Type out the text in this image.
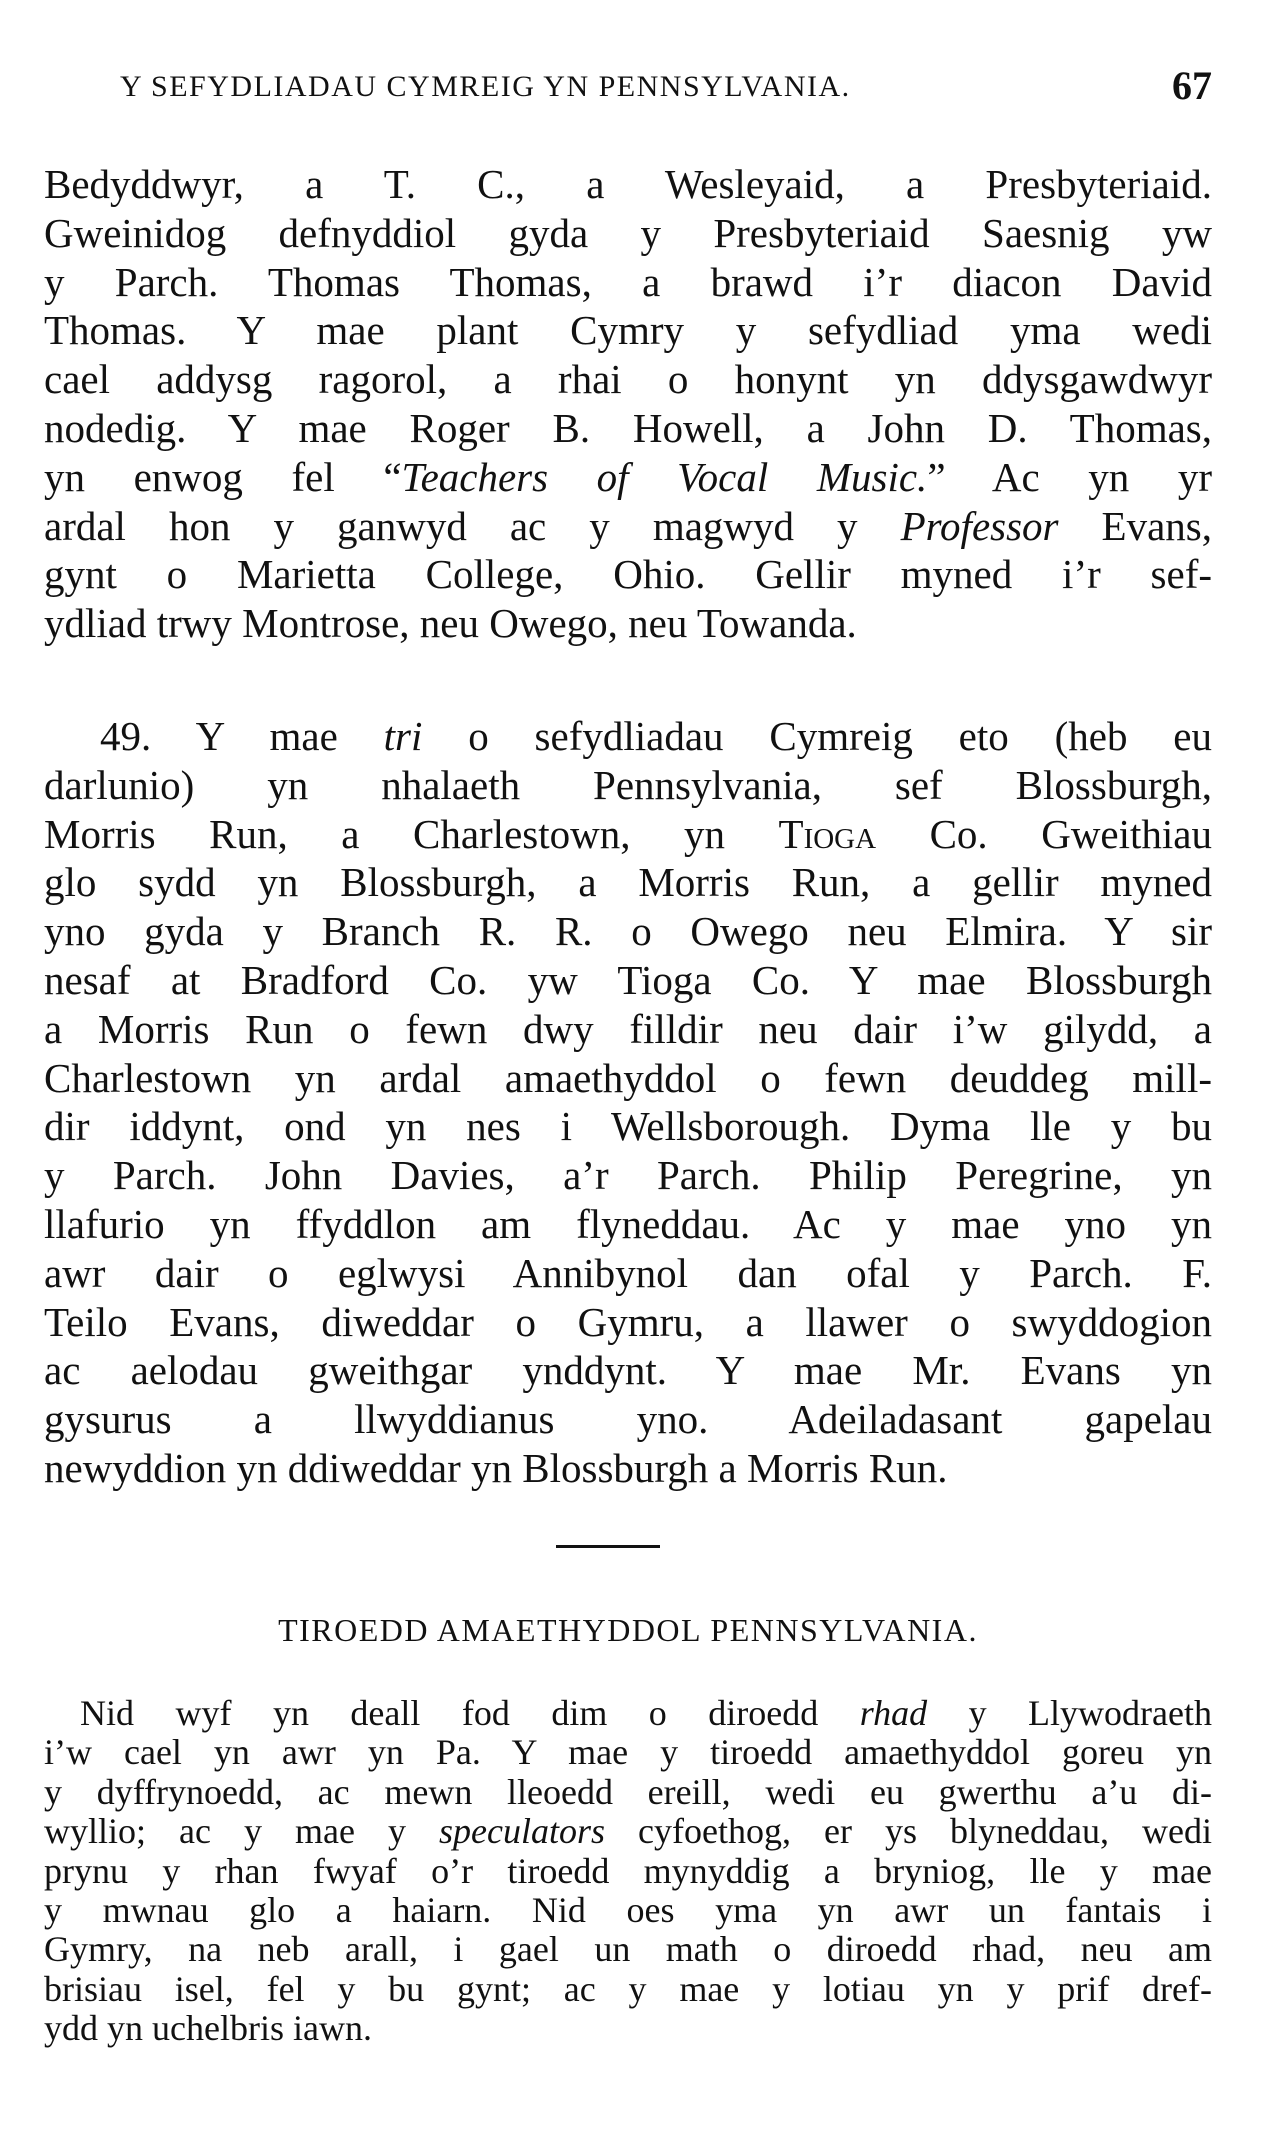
Y SEFYDLIADAU CYMREIG YN PENNSYLVANIA.	67
Bedyddwyr, a T. C., a Wesleyaid, a Presbyteriaid.
Gweinidog defnyddiol gyda y Presbyteriaid Saesnig yw
y Parch. Thomas Thomas, a brawd i’r diacon David
Thomas. Y mae plant Cymry y sefydliad yma wedi
cael addysg ragorol, a rhai o honynt yn ddysgawdwyr
nodedig. Y mae Roger B. Howell, a John D. Thomas,
yn enwog fel “Teachers of Vocal Music.” Ac yn yr
ardal hon y ganwyd ac y magwyd y Professor Evans,
gynt o Marietta College, Ohio. Gellir myned i’r sef-
ydliad trwy Montrose, neu Owego, neu Towanda.
49. Y mae tri o sefydliadau Cymreig eto (heb eu
darlunio) yn nhalaeth Pennsylvania, sef Blossburgh,
Morris Run, a Charlestown, yn Tioga Co. Gweithiau
glo sydd yn Blossburgh, a Morris Run, a gellir myned
yno gyda y Branch R. R. o Owego neu Elmira. Y sir
nesaf at Bradford Co. yw Tioga Co. Y mae Blossburgh
a Morris Run o fewn dwy filldir neu dair i’w gilydd, a
Charlestown yn ardal amaethyddol o fewn deuddeg mill-
dir iddynt, ond yn nes i Wellsborough. Dyma lle y bu
y Parch. John Davies, a’r Parch. Philip Peregrine, yn
llafurio yn ffyddlon am flyneddau. Ac y mae yno yn
awr dair o eglwysi Annibynol dan ofal y Parch. F.
Teilo Evans, diweddar o Gymru, a llawer o swyddogion
ac aelodau gweithgar ynddynt. Y mae Mr. Evans yn
gysurus a llwyddianus yno. Adeiladasant gapelau
newyddion yn ddiweddar yn Blossburgh a Morris Run.
TIROEDD AMAETHYDDOL PENNSYLVANIA.
Nid wyf yn deall fod dim o diroedd rhad y Llywodraeth
i’w cael yn awr yn Pa. Y mae y tiroedd amaethyddol goreu yn
y dyffrynoedd, ac mewn lleoedd ereill, wedi eu gwerthu a’u di-
wyllio; ac y mae y speculators cyfoethog, er ys blyneddau, wedi
prynu y rhan fwyaf o’r tiroedd mynyddig a bryniog, lle y mae
y mwnau glo a haiarn. Nid oes yma yn awr un fantais i
Gymry, na neb arall, i gael un math o diroedd rhad, neu am
brisiau isel, fel y bu gynt; ac y mae y lotiau yn y prif dref-
ydd yn uchelbris iawn.
